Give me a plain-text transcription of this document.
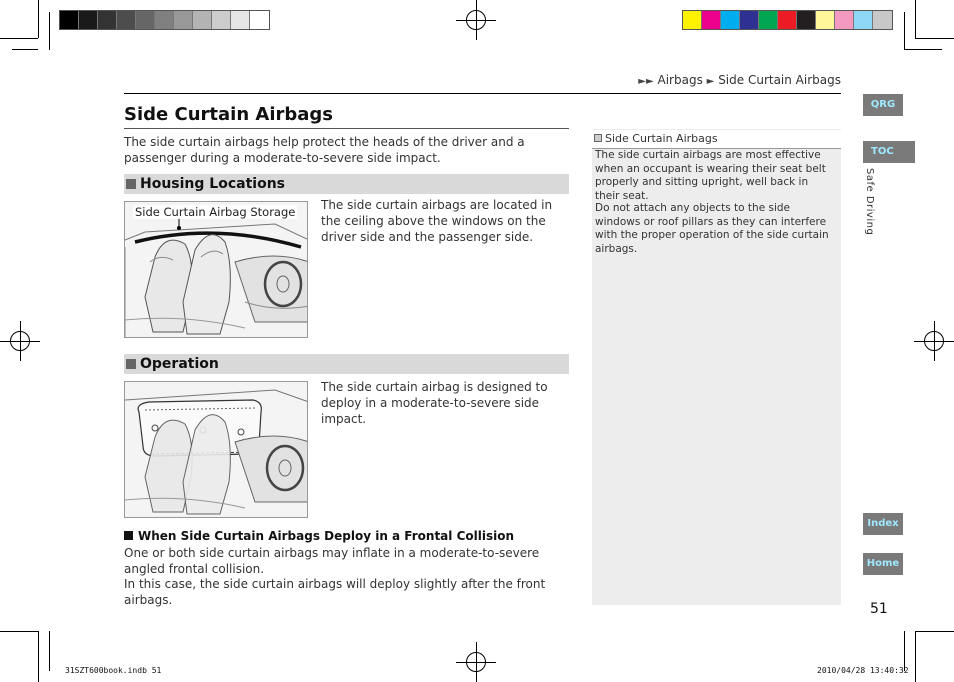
►► Airbags ► Side Curtain Airbags
Side Curtain Airbags
The side curtain airbags help protect the heads of the driver and a passenger during a moderate-to-severe side impact.
Housing Locations
Side Curtain Airbag Storage The side curtain airbags are located in the ceiling above the windows on the driver side and the passenger side.
Operation
The side curtain airbag is designed to deploy in a moderate-to-severe side impact.
When Side Curtain Airbags Deploy in a Frontal Collision
One or both side curtain airbags may inflate in a moderate-to-severe angled frontal collision.
In this case, the side curtain airbags will deploy slightly after the front airbags.
Side Curtain Airbags
The side curtain airbags are most effective when an occupant is wearing their seat belt properly and sitting upright, well back in their seat.
Do not attach any objects to the side windows or roof pillars as they can interfere with the proper operation of the side curtain airbags.
QRG
TOC
Safe Driving
Index
Home
51
31SZT600book.indb 51	2010/04/28 13:40:32
